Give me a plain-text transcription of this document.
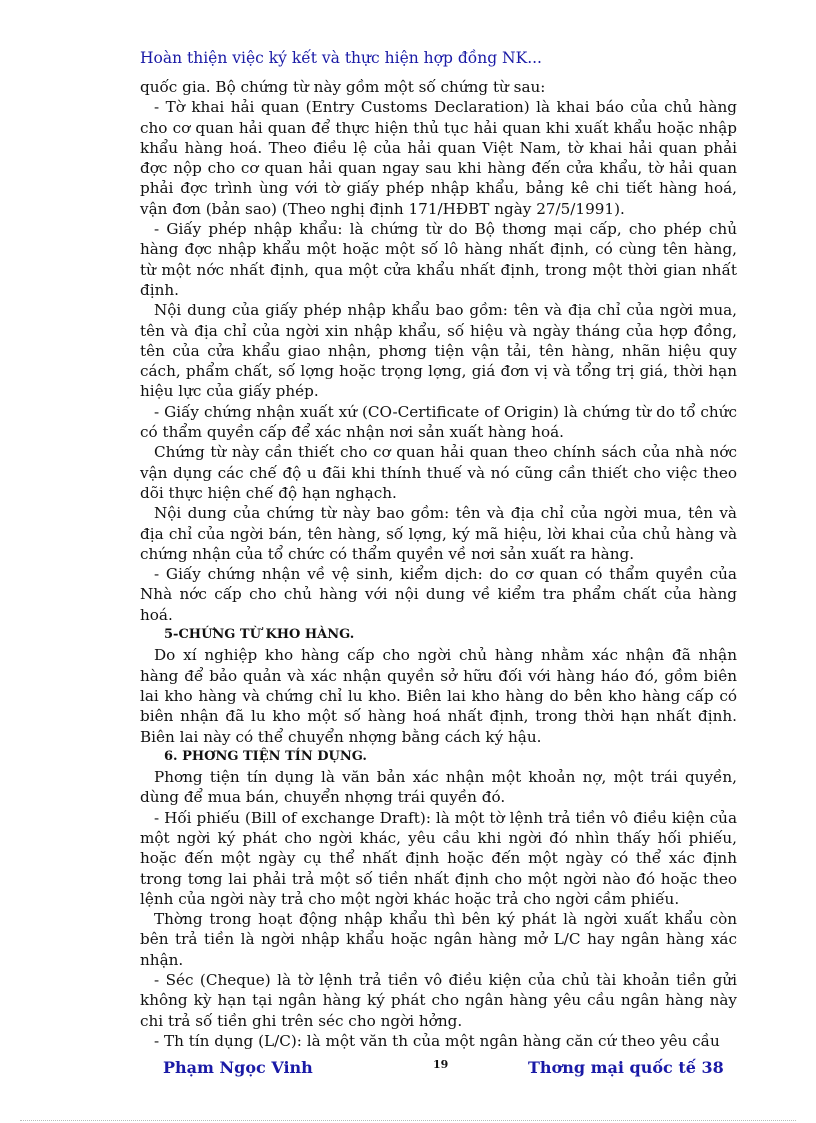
Hoàn thiện việc ký kết và thực hiện hợp đồng NK...

quốc gia. Bộ chứng từ này gồm một số chứng từ sau:

- Tờ khai hải quan (Entry Customs Declaration) là khai báo của chủ hàng cho cơ quan hải quan để thực hiện thủ tục hải quan khi xuất khẩu hoặc nhập khẩu hàng hoá. Theo điều lệ của hải quan Việt Nam, tờ khai hải quan phải đợc nộp cho cơ quan hải quan ngay sau khi hàng đến cửa khẩu, tờ hải quan phải đợc trình ùng với tờ giấy phép nhập khẩu, bảng kê chi tiết hàng hoá, vận đơn (bản sao) (Theo nghị định 171/HĐBT ngày 27/5/1991).

- Giấy phép nhập khẩu: là chứng từ do Bộ thơng mại cấp, cho phép chủ hàng đợc nhập khẩu một hoặc một số lô hàng nhất định, có cùng tên hàng, từ một nớc nhất định, qua một cửa khẩu nhất định, trong một thời gian nhất định.

Nội dung của giấy phép nhập khẩu bao gồm: tên và địa chỉ của ngời mua, tên và địa chỉ của ngời xin nhập khẩu, số hiệu và ngày tháng của hợp đồng, tên của cửa khẩu giao nhận, phơng tiện vận tải, tên hàng, nhãn hiệu quy cách, phẩm chất, số lợng hoặc trọng lợng, giá đơn vị và tổng trị giá, thời hạn hiệu lực của giấy phép.

- Giấy chứng nhận xuất xứ (CO-Certificate of Origin) là chứng từ do tổ chức có thẩm quyền cấp để xác nhận nơi sản xuất hàng hoá.

Chứng từ này cần thiết cho cơ quan hải quan theo chính sách của nhà nớc vận dụng các chế độ u đãi khi thính thuế và nó cũng cần thiết cho việc theo dõi thực hiện chế độ hạn nghạch.

Nội dung của chứng từ này bao gồm: tên và địa chỉ của ngời mua, tên và địa chỉ của ngời bán, tên hàng, số lợng, ký mã hiệu, lời khai của chủ hàng và chứng nhận của tổ chức có thẩm quyền về nơi sản xuất ra hàng.

- Giấy chứng nhận về vệ sinh, kiểm dịch: do cơ quan có thẩm quyền của Nhà nớc cấp cho chủ hàng với nội dung về kiểm tra phẩm chất của hàng hoá.

5-CHỨNG TỪ KHO HÀNG.

Do xí nghiệp kho hàng cấp cho ngời chủ hàng nhằm xác nhận đã nhận hàng để bảo quản và xác nhận quyền sở hữu đối với hàng háo đó, gồm biên lai kho hàng và chứng chỉ lu kho. Biên lai kho hàng do bên kho hàng cấp có biên nhận đã lu kho một số hàng hoá nhất định, trong thời hạn nhất định. Biên lai này có thể chuyển nhợng bằng cách ký hậu.

6. PHƠNG TIỆN TÍN DỤNG.

Phơng tiện tín dụng là văn bản xác nhận một khoản nợ, một trái quyền, dùng để mua bán, chuyển nhợng trái quyền đó.

- Hối phiếu (Bill of exchange Draft): là một tờ lệnh trả tiền vô điều kiện của một ngời ký phát cho ngời khác, yêu cầu khi ngời đó nhìn thấy hối phiếu, hoặc đến một ngày cụ thể nhất định hoặc đến một ngày có thể xác định trong tơng lai phải trả một số tiền nhất định cho một ngời nào đó hoặc theo lệnh của ngời này trả cho một ngời khác hoặc trả cho ngời cầm phiếu.

Thờng trong hoạt động nhập khẩu thì bên ký phát là ngời xuất khẩu còn bên trả tiền là ngời nhập khẩu hoặc ngân hàng mở L/C hay ngân hàng xác nhận.

- Séc (Cheque) là tờ lệnh trả tiền vô điều kiện của chủ tài khoản tiền gửi không kỳ hạn tại ngân hàng ký phát cho ngân hàng yêu cầu ngân hàng này chi trả số tiền ghi trên séc cho ngời hởng.

- Th tín dụng (L/C): là một văn th của một ngân hàng căn cứ theo yêu cầu

Phạm Ngọc Vinh	19	Thơng mại quốc tế 38
